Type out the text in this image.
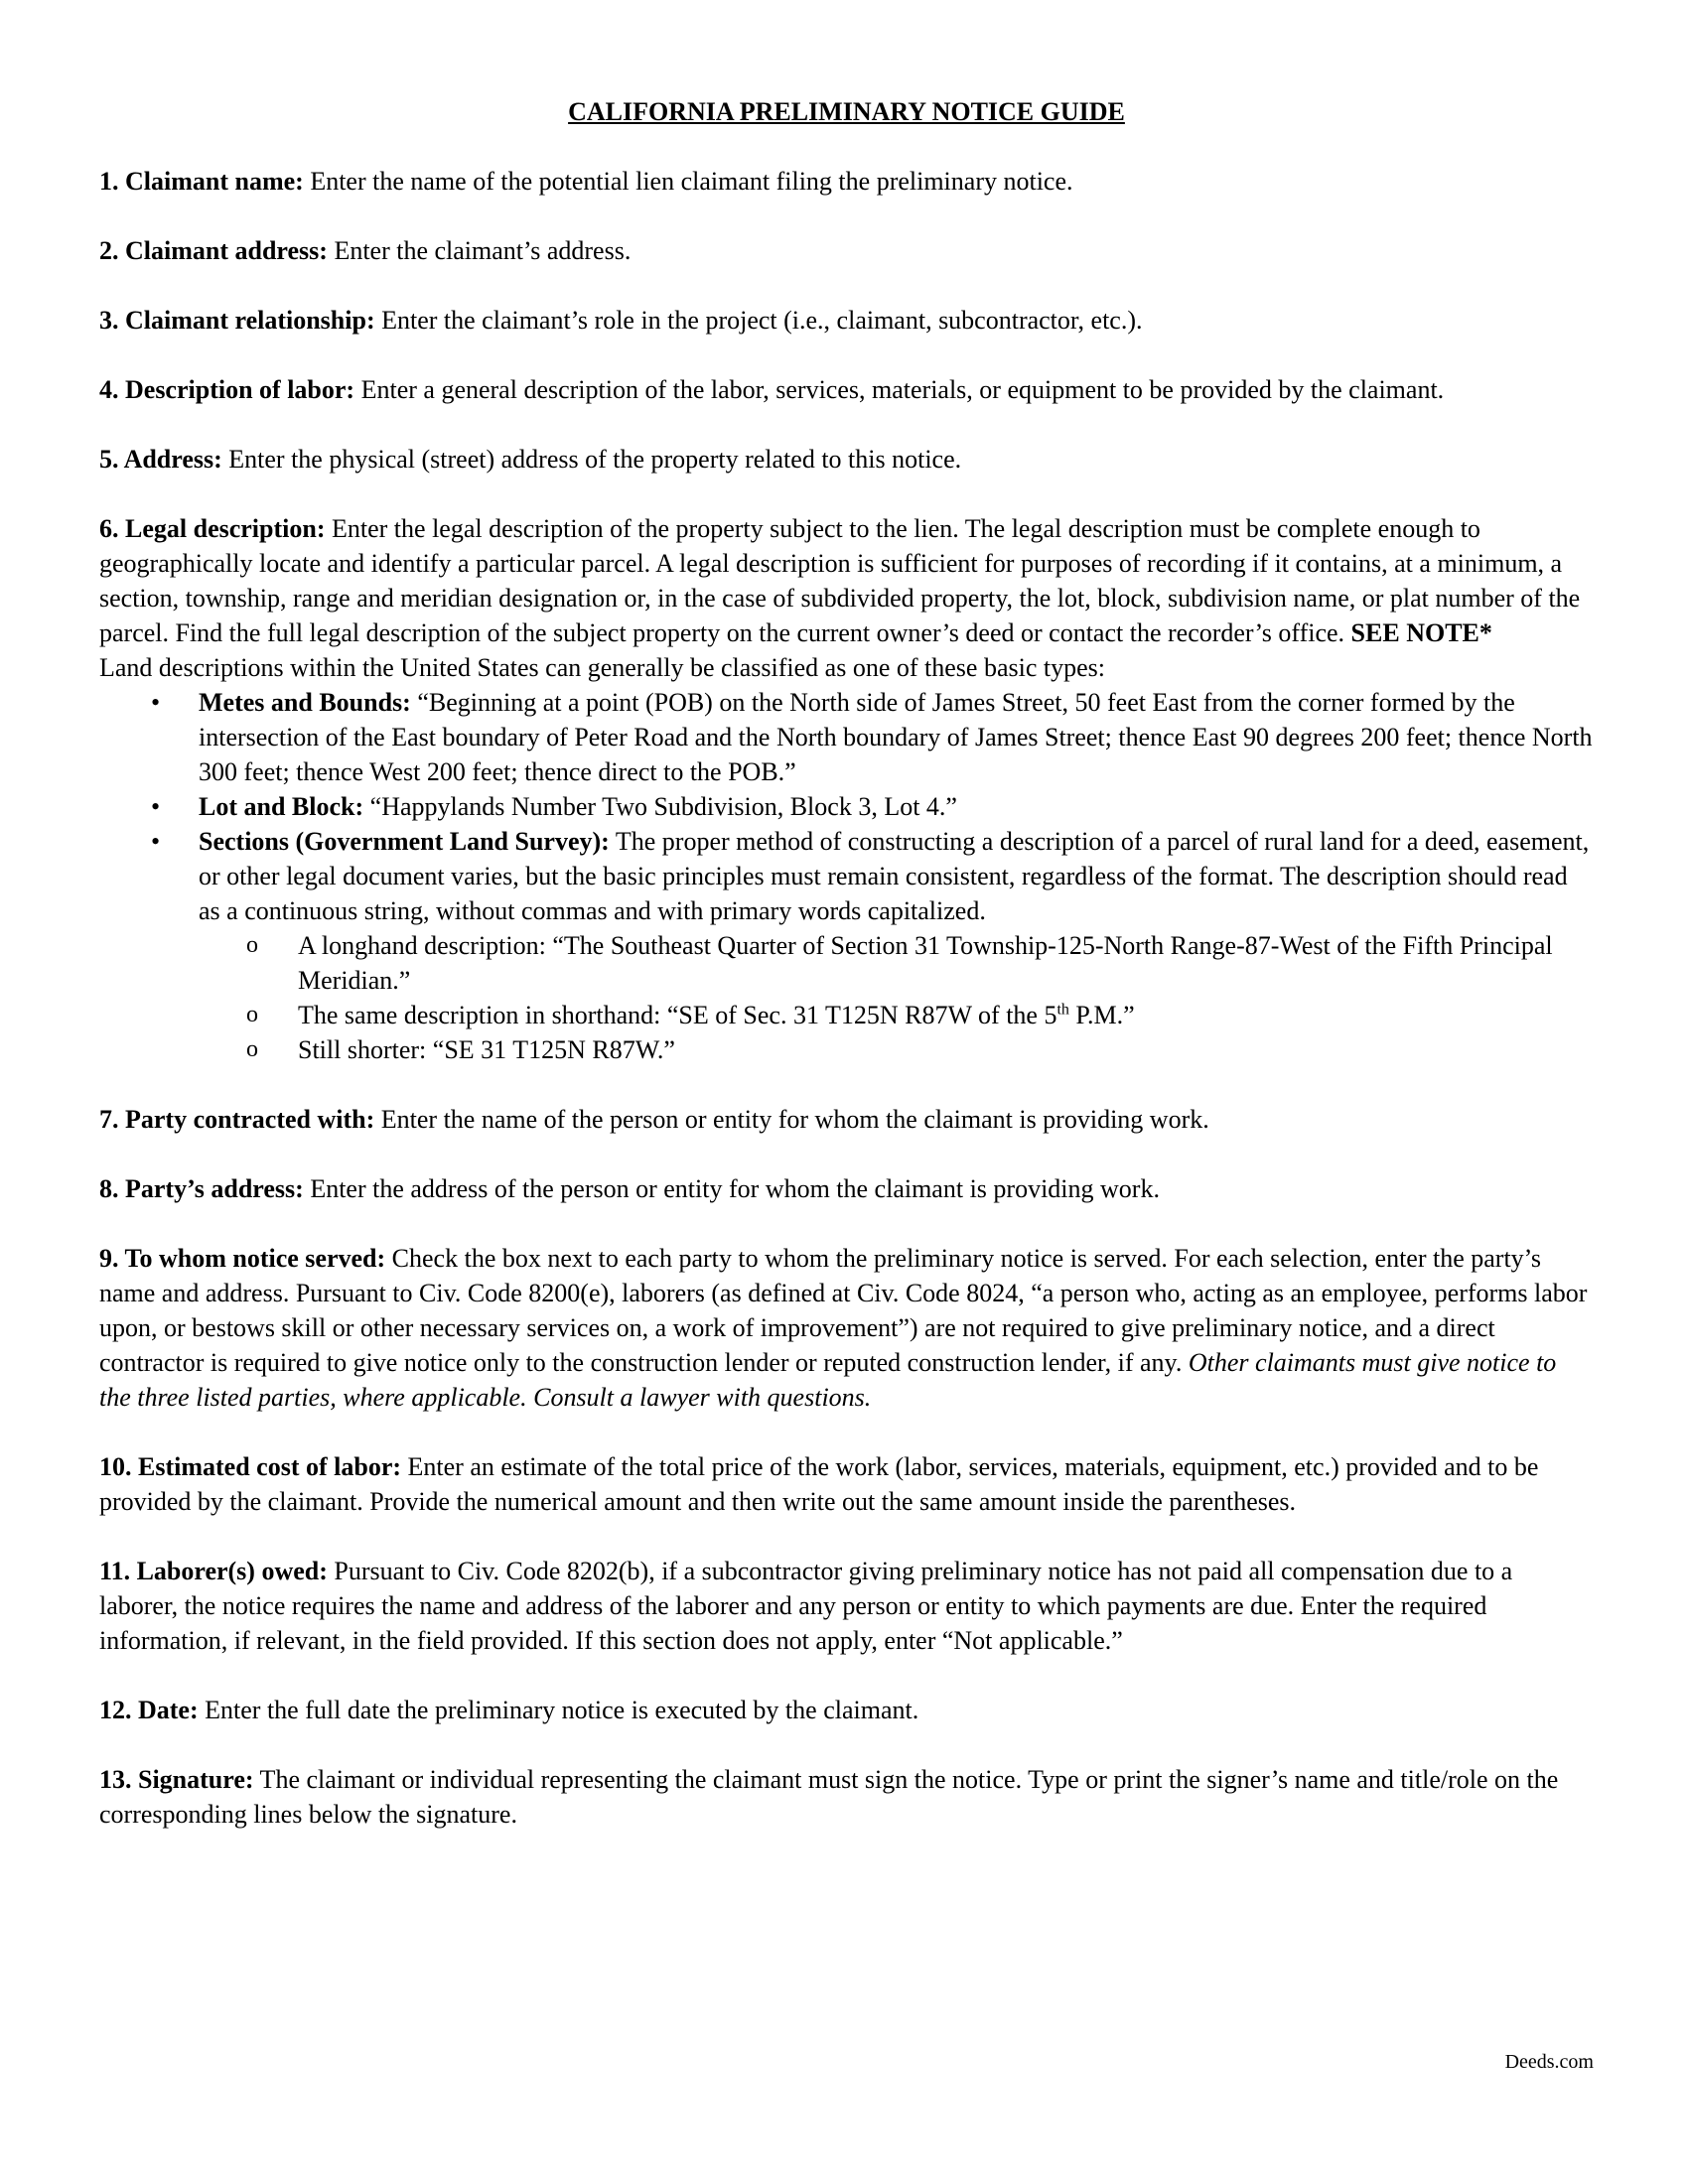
CALIFORNIA PRELIMINARY NOTICE GUIDE
1. Claimant name: Enter the name of the potential lien claimant filing the preliminary notice.
2. Claimant address: Enter the claimant’s address.
3. Claimant relationship: Enter the claimant’s role in the project (i.e., claimant, subcontractor, etc.).
4. Description of labor: Enter a general description of the labor, services, materials, or equipment to be provided by the claimant.
5. Address: Enter the physical (street) address of the property related to this notice.
6. Legal description: Enter the legal description of the property subject to the lien. The legal description must be complete enough to geographically locate and identify a particular parcel. A legal description is sufficient for purposes of recording if it contains, at a minimum, a section, township, range and meridian designation or, in the case of subdivided property, the lot, block, subdivision name, or plat number of the parcel. Find the full legal description of the subject property on the current owner’s deed or contact the recorder’s office. SEE NOTE*
Land descriptions within the United States can generally be classified as one of these basic types:
• Metes and Bounds: “Beginning at a point (POB) on the North side of James Street, 50 feet East from the corner formed by the intersection of the East boundary of Peter Road and the North boundary of James Street; thence East 90 degrees 200 feet; thence North 300 feet; thence West 200 feet; thence direct to the POB.”
• Lot and Block: “Happylands Number Two Subdivision, Block 3, Lot 4.”
• Sections (Government Land Survey): The proper method of constructing a description of a parcel of rural land for a deed, easement, or other legal document varies, but the basic principles must remain consistent, regardless of the format. The description should read as a continuous string, without commas and with primary words capitalized.
o A longhand description: “The Southeast Quarter of Section 31 Township-125-North Range-87-West of the Fifth Principal Meridian.”
o The same description in shorthand: “SE of Sec. 31 T125N R87W of the 5th P.M.”
o Still shorter: “SE 31 T125N R87W.”
7. Party contracted with: Enter the name of the person or entity for whom the claimant is providing work.
8. Party’s address: Enter the address of the person or entity for whom the claimant is providing work.
9. To whom notice served: Check the box next to each party to whom the preliminary notice is served. For each selection, enter the party’s name and address. Pursuant to Civ. Code 8200(e), laborers (as defined at Civ. Code 8024, “a person who, acting as an employee, performs labor upon, or bestows skill or other necessary services on, a work of improvement”) are not required to give preliminary notice, and a direct contractor is required to give notice only to the construction lender or reputed construction lender, if any. Other claimants must give notice to the three listed parties, where applicable. Consult a lawyer with questions.
10. Estimated cost of labor: Enter an estimate of the total price of the work (labor, services, materials, equipment, etc.) provided and to be provided by the claimant. Provide the numerical amount and then write out the same amount inside the parentheses.
11. Laborer(s) owed: Pursuant to Civ. Code 8202(b), if a subcontractor giving preliminary notice has not paid all compensation due to a laborer, the notice requires the name and address of the laborer and any person or entity to which payments are due. Enter the required information, if relevant, in the field provided. If this section does not apply, enter “Not applicable.”
12. Date: Enter the full date the preliminary notice is executed by the claimant.
13. Signature: The claimant or individual representing the claimant must sign the notice. Type or print the signer’s name and title/role on the corresponding lines below the signature.
Deeds.com
